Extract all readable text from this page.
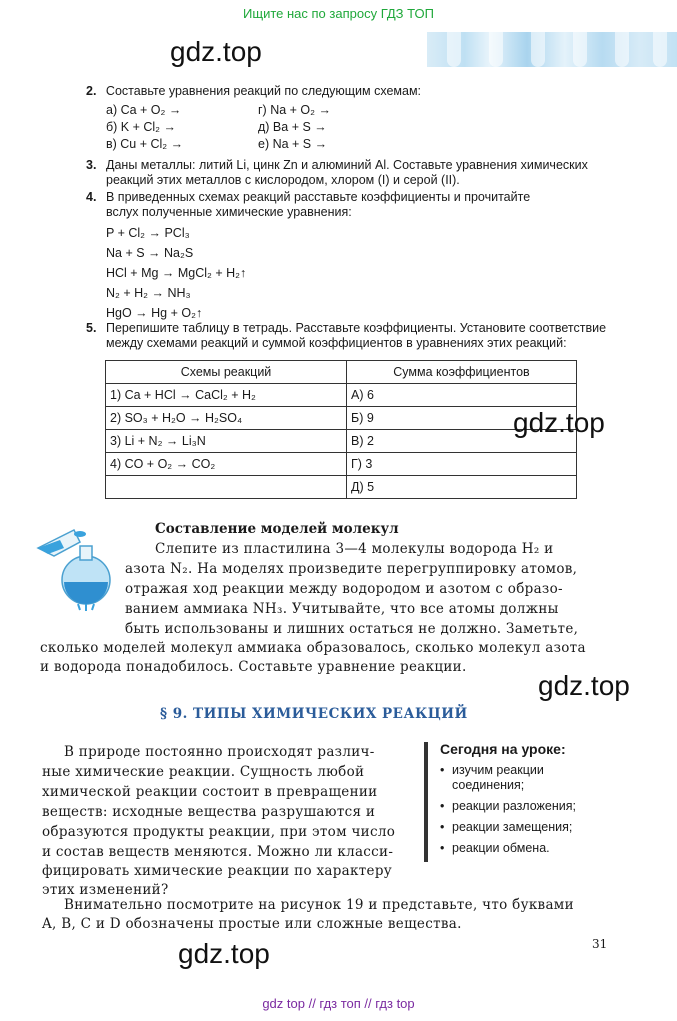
Ищите нас по запросу ГДЗ ТОП
gdz.top
2. Составьте уравнения реакций по следующим схемам:
а) Ca + O₂ →
б) K + Cl₂ →
в) Cu + Cl₂ →
г) Na + O₂ →
д) Ba + S →
е) Na + S →
3. Даны металлы: литий Li, цинк Zn и алюминий Al. Составьте уравнения химических
реакций этих металлов с кислородом, хлором (I) и серой (II).
4. В приведенных схемах реакций расставьте коэффициенты и прочитайте
вслух полученные химические уравнения:
P + Cl₂ → PCl₃
Na + S → Na₂S
HCl + Mg → MgCl₂ + H₂↑
N₂ + H₂ → NH₃
HgO → Hg + O₂↑
5. Перепишите таблицу в тетрадь. Расставьте коэффициенты. Установите соответствие
между схемами реакций и суммой коэффициентов в уравнениях этих реакций:
Схемы реакций	Сумма коэффициентов
1) Ca + HCl → CaCl₂ + H₂	А) 6
2) SO₃ + H₂O → H₂SO₄	Б) 9
3) Li + N₂ → Li₃N	В) 2
4) CO + O₂ → CO₂	Г) 3
	Д) 5
gdz.top
Составление моделей молекул
Слепите из пластилина 3—4 молекулы водорода H₂ и
азота N₂. На моделях произведите перегруппировку атомов,
отражая ход реакции между водородом и азотом с образо-
ванием аммиака NH₃. Учитывайте, что все атомы должны
быть использованы и лишних остаться не должно. Заметьте,
сколько моделей молекул аммиака образовалось, сколько молекул азота
и водорода понадобилось. Составьте уравнение реакции.
gdz.top
§ 9. ТИПЫ ХИМИЧЕСКИХ РЕАКЦИЙ
В природе постоянно происходят различ-
ные химические реакции. Сущность любой
химической реакции состоит в превращении
веществ: исходные вещества разрушаются и
образуются продукты реакции, при этом число
и состав веществ меняются. Можно ли класси-
фицировать химические реакции по характеру
этих изменений?
Сегодня на уроке:
• изучим реакции соединения;
• реакции разложения;
• реакции замещения;
• реакции обмена.
Внимательно посмотрите на рисунок 19 и представьте, что буквами
A, B, C и D обозначены простые или сложные вещества.
31
gdz.top
gdz top // гдз топ // гдз top
